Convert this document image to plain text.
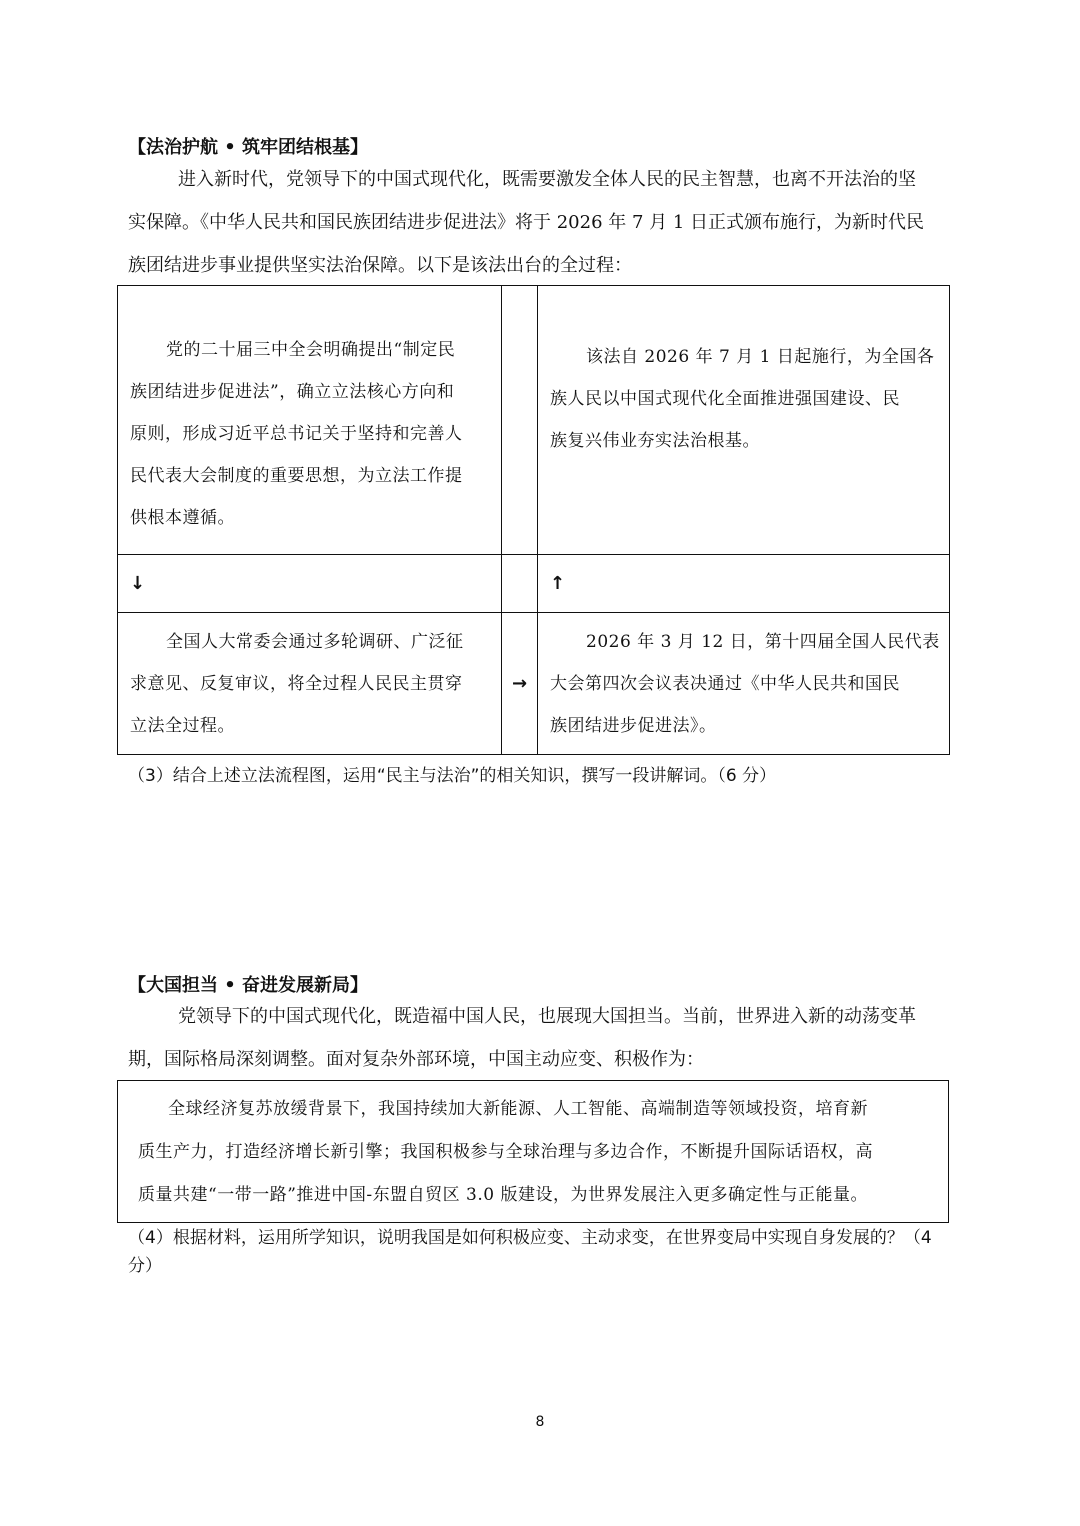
【法治护航 • 筑牢团结根基】
进入新时代，党领导下的中国式现代化，既需要激发全体人民的民主智慧，也离不开法治的坚
实保障。《中华人民共和国民族团结进步促进法》将于 2026 年 7 月 1 日正式颁布施行，为新时代民
族团结进步事业提供坚实法治保障。以下是该法出台的全过程：
党的二十届三中全会明确提出“制定民
族团结进步促进法”，确立立法核心方向和
原则，形成习近平总书记关于坚持和完善人
民代表大会制度的重要思想，为立法工作提
供根本遵循。		该法自 2026 年 7 月 1 日起施行，为全国各
族人民以中国式现代化全面推进强国建设、民
族复兴伟业夯实法治根基。

↓		↑

全国人大常委会通过多轮调研、广泛征
求意见、反复审议，将全过程人民民主贯穿
立法全过程。	→	2026 年 3 月 12 日，第十四届全国人民代表
大会第四次会议表决通过《中华人民共和国民
族团结进步促进法》。
（3）结合上述立法流程图，运用“民主与法治”的相关知识，撰写一段讲解词。（6 分）
【大国担当 • 奋进发展新局】
党领导下的中国式现代化，既造福中国人民，也展现大国担当。当前，世界进入新的动荡变革
期，国际格局深刻调整。面对复杂外部环境，中国主动应变、积极作为：
全球经济复苏放缓背景下，我国持续加大新能源、人工智能、高端制造等领域投资，培育新
质生产力，打造经济增长新引擎；我国积极参与全球治理与多边合作，不断提升国际话语权，高
质量共建“一带一路”推进中国-东盟自贸区 3.0 版建设，为世界发展注入更多确定性与正能量。
（4）根据材料，运用所学知识，说明我国是如何积极应变、主动求变，在世界变局中实现自身发展的？（4 分）
8
